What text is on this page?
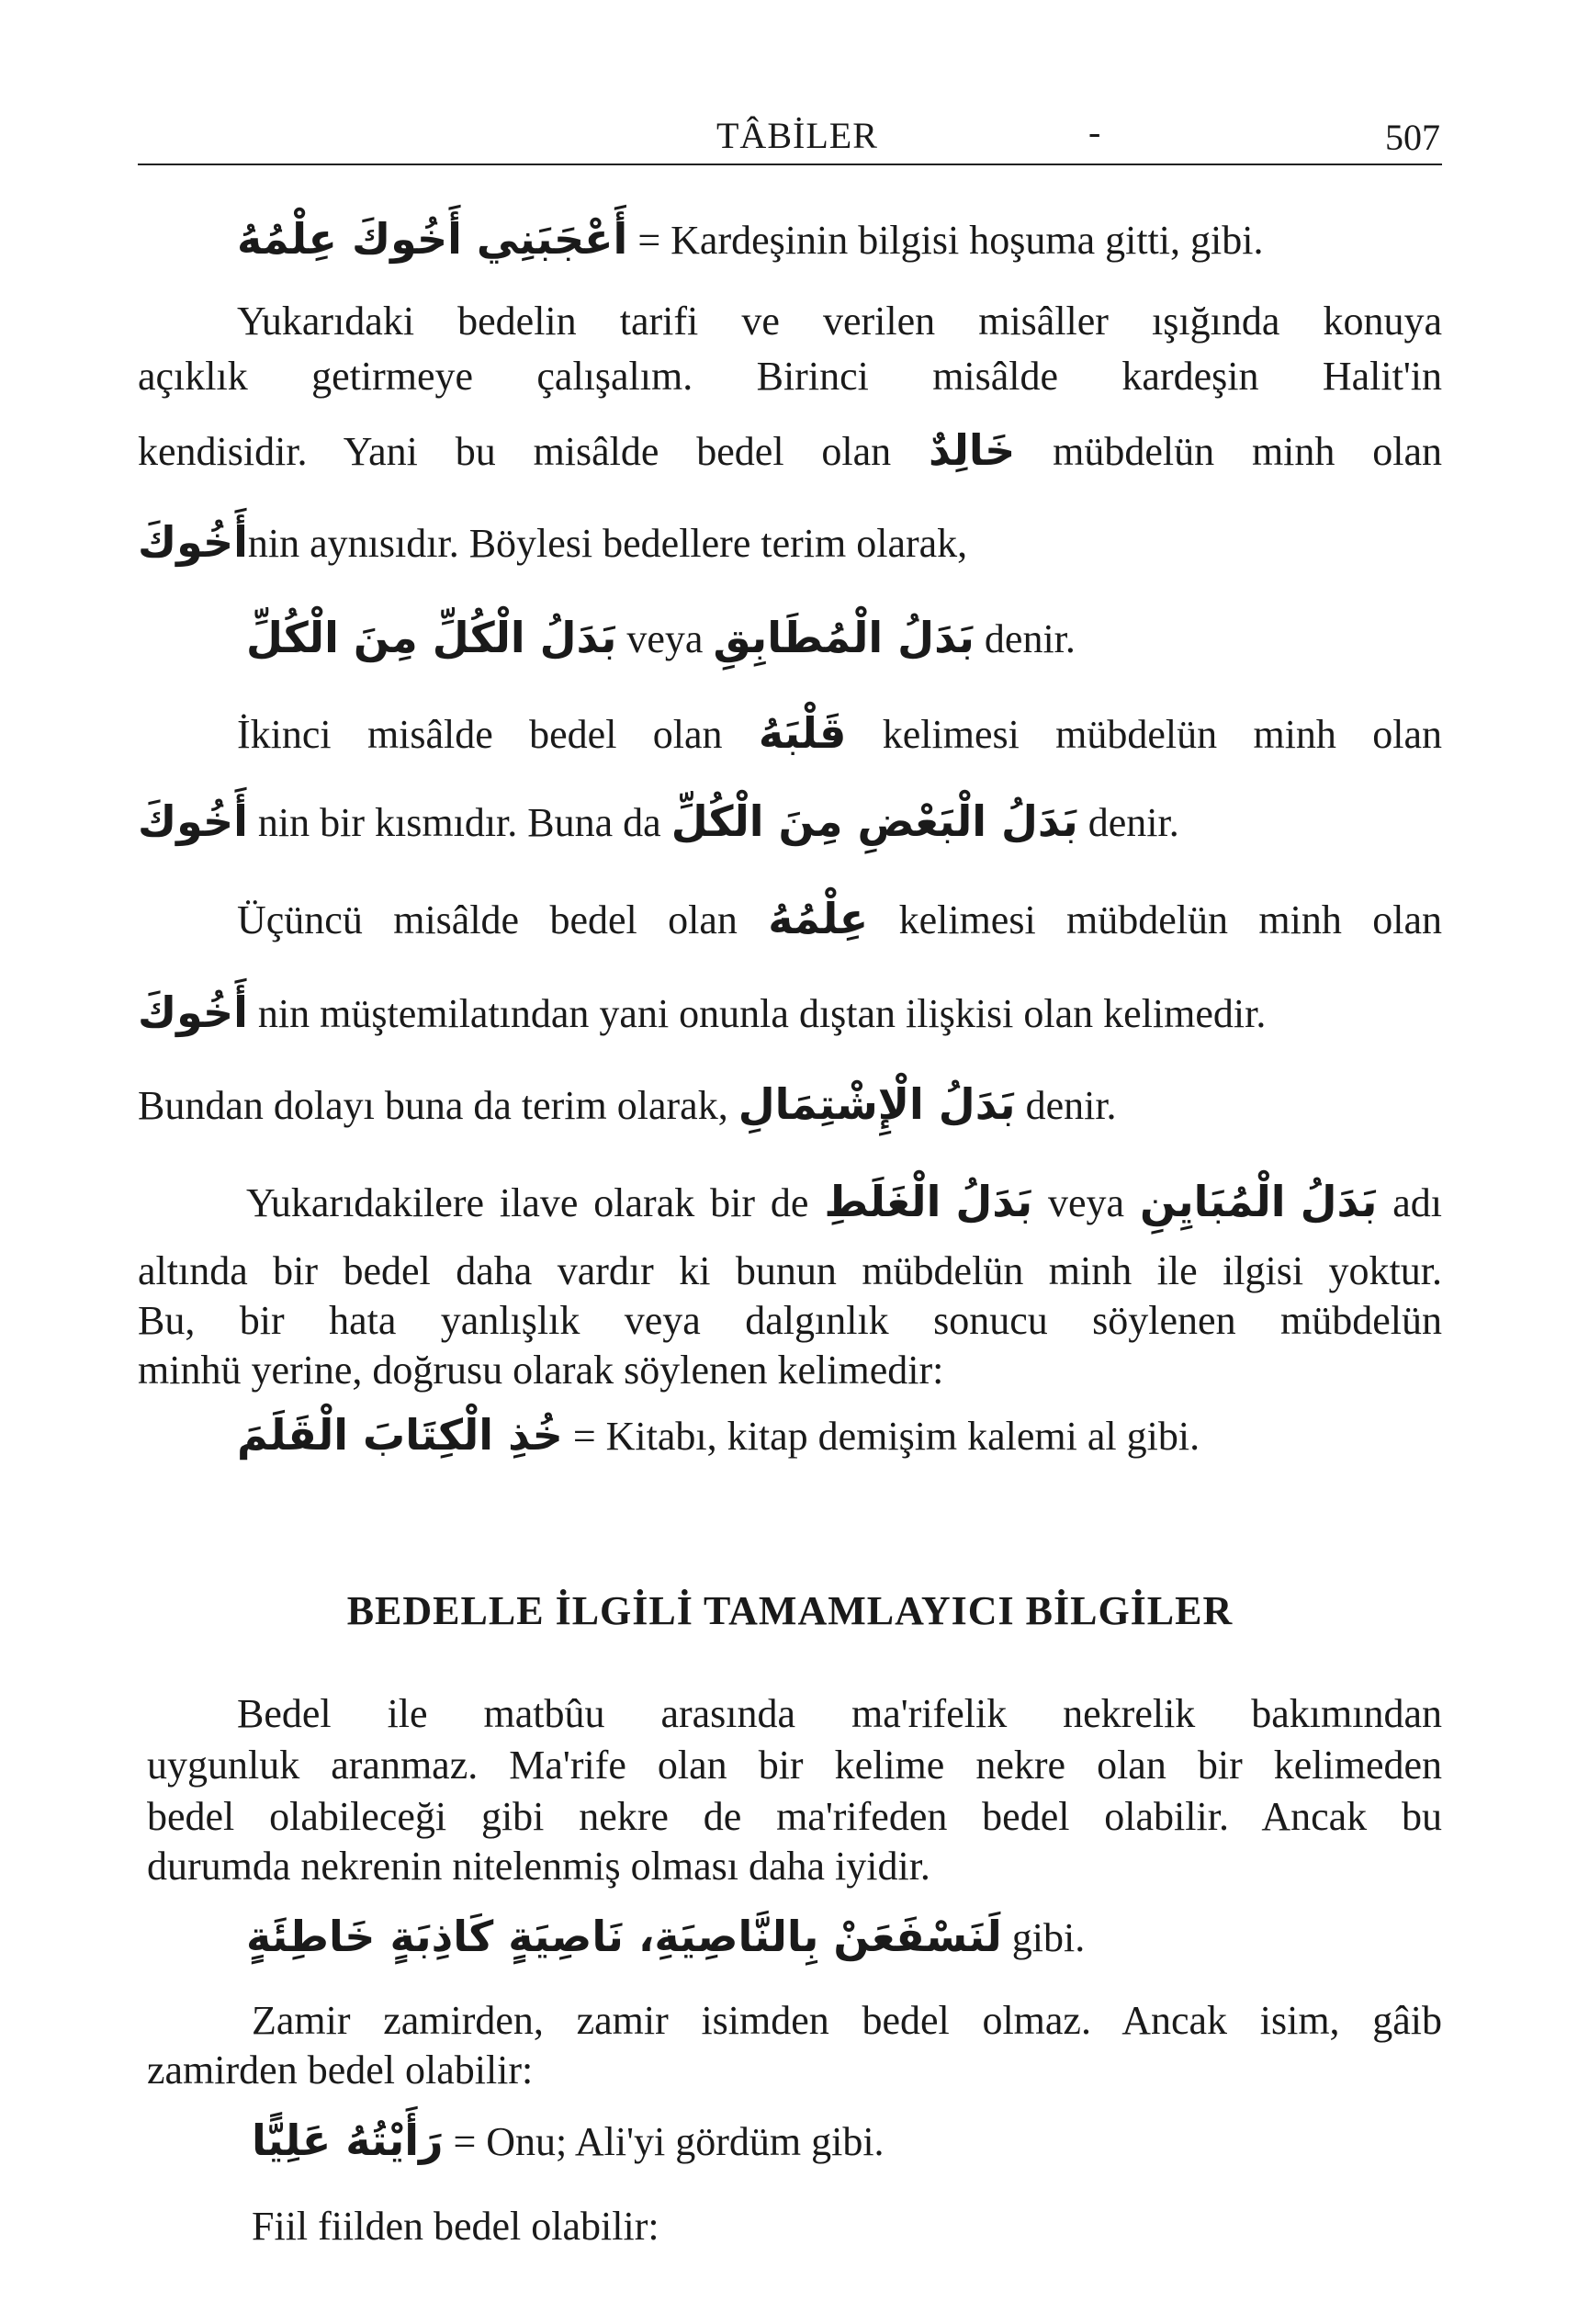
TÂBİLER	-	507
أَعْجَبَنِي أَخُوكَ عِلْمُهُ = Kardeşinin bilgisi hoşuma gitti, gibi.
Yukarıdaki bedelin tarifi ve verilen misâller ışığında konuya
açıklık getirmeye çalışalım. Birinci misâlde kardeşin Halit'in
kendisidir. Yani bu misâlde bedel olan خَالِدٌ mübdelün minh olan
أَخُوكَnin aynısıdır. Böylesi bedellere terim olarak,
بَدَلُ الْكُلِّ مِنَ الْكُلِّ veya بَدَلُ الْمُطَابِقِ denir.
İkinci misâlde bedel olan قَلْبَهُ kelimesi mübdelün minh olan
أَخُوكَ nin bir kısmıdır. Buna da بَدَلُ الْبَعْضِ مِنَ الْكُلِّ denir.
Üçüncü misâlde bedel olan عِلْمُهُ kelimesi mübdelün minh olan
أَخُوكَ nin müştemilatından yani onunla dıştan ilişkisi olan kelimedir.
Bundan dolayı buna da terim olarak, بَدَلُ الْإِشْتِمَالِ denir.
Yukarıdakilere ilave olarak bir de بَدَلُ الْغَلَطِ veya بَدَلُ الْمُبَايِنِ adı
altında bir bedel daha vardır ki bunun mübdelün minh ile ilgisi yoktur.
Bu, bir hata yanlışlık veya dalgınlık sonucu söylenen mübdelün
minhü yerine, doğrusu olarak söylenen kelimedir:
خُذِ الْكِتَابَ الْقَلَمَ = Kitabı, kitap demişim kalemi al gibi.
BEDELLE İLGİLİ TAMAMLAYICI BİLGİLER
Bedel ile matbûu arasında ma'rifelik nekrelik bakımından
uygunluk aranmaz. Ma'rife olan bir kelime nekre olan bir kelimeden
bedel olabileceği gibi nekre de ma'rifeden bedel olabilir. Ancak bu
durumda nekrenin nitelenmiş olması daha iyidir.
لَنَسْفَعَنْ بِالنَّاصِيَةِ، نَاصِيَةٍ كَاذِبَةٍ خَاطِئَةٍ gibi.
Zamir zamirden, zamir isimden bedel olmaz. Ancak isim, gâib
zamirden bedel olabilir:
رَأَيْتُهُ عَلِيًّا = Onu; Ali'yi gördüm gibi.
Fiil fiilden bedel olabilir:
